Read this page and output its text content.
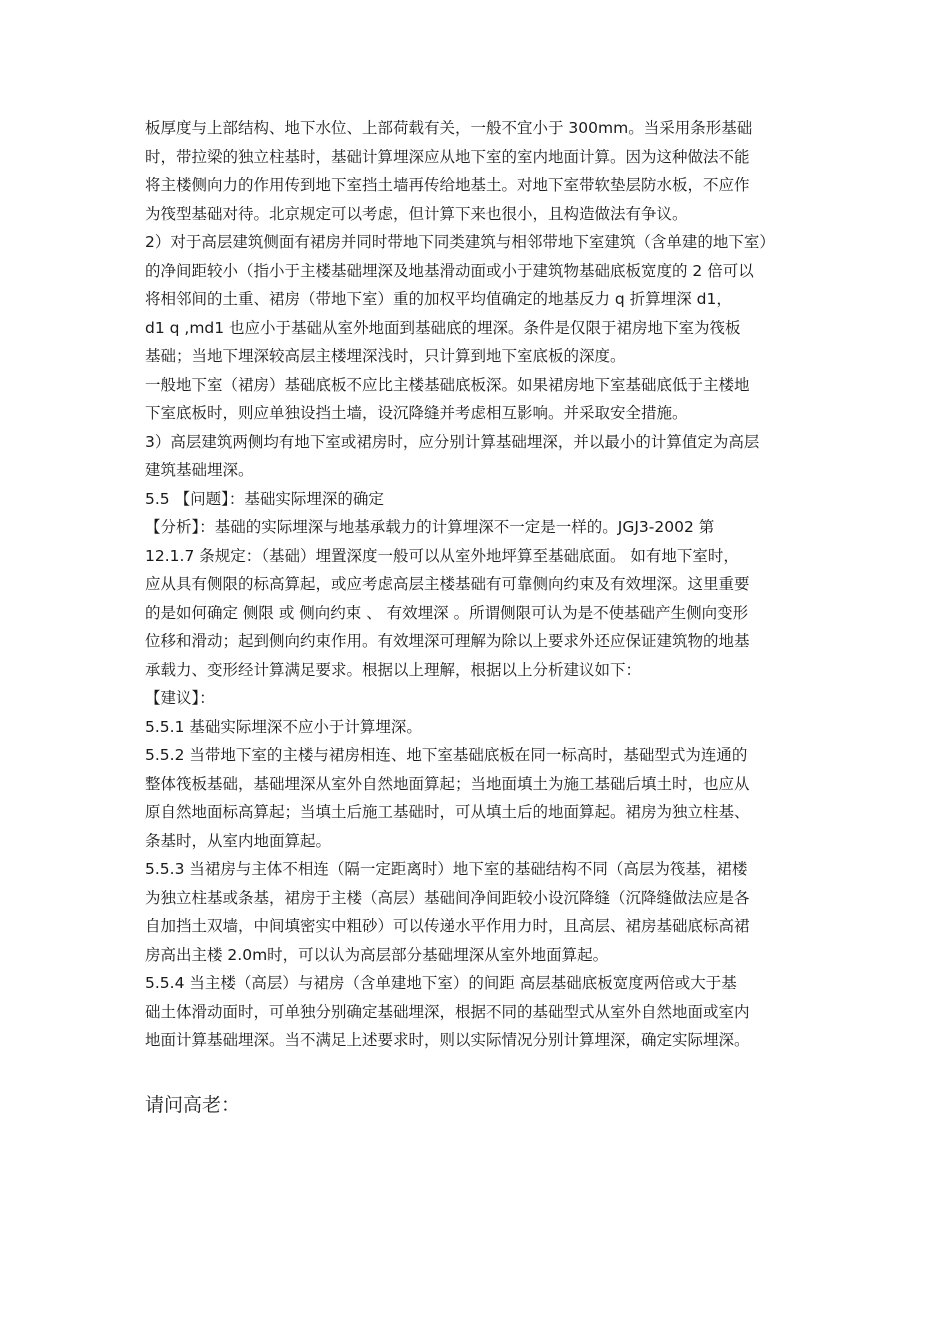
板厚度与上部结构、地下水位、上部荷载有关，一般不宜小于 300mm。当采用条形基础
时，带拉梁的独立柱基时，基础计算埋深应从地下室的室内地面计算。因为这种做法不能
将主楼侧向力的作用传到地下室挡土墙再传给地基土。对地下室带软垫层防水板，不应作
为筏型基础对待。北京规定可以考虑，但计算下来也很小，且构造做法有争议。
2）对于高层建筑侧面有裙房并同时带地下同类建筑与相邻带地下室建筑（含单建的地下室）
的净间距较小（指小于主楼基础埋深及地基滑动面或小于建筑物基础底板宽度的 2 倍可以
将相邻间的土重、裙房（带地下室）重的加权平均值确定的地基反力 q 折算埋深 d1，
d1 q ,md1 也应小于基础从室外地面到基础底的埋深。条件是仅限于裙房地下室为筏板
基础；当地下埋深较高层主楼埋深浅时，只计算到地下室底板的深度。
一般地下室（裙房）基础底板不应比主楼基础底板深。如果裙房地下室基础底低于主楼地
下室底板时，则应单独设挡土墙，设沉降缝并考虑相互影响。并采取安全措施。
3）高层建筑两侧均有地下室或裙房时，应分别计算基础埋深，并以最小的计算值定为高层
建筑基础埋深。
5.5 【问题】：基础实际埋深的确定
【分析】：基础的实际埋深与地基承载力的计算埋深不一定是一样的。JGJ3-2002 第
12.1.7 条规定：（基础）埋置深度一般可以从室外地坪算至基础底面。 如有地下室时，
应从具有侧限的标高算起，或应考虑高层主楼基础有可靠侧向约束及有效埋深。这里重要
的是如何确定 侧限 或 侧向约束 、 有效埋深 。所谓侧限可认为是不使基础产生侧向变形
位移和滑动；起到侧向约束作用。有效埋深可理解为除以上要求外还应保证建筑物的地基
承载力、变形经计算满足要求。根据以上理解，根据以上分析建议如下：
【建议】：
5.5.1 基础实际埋深不应小于计算埋深。
5.5.2 当带地下室的主楼与裙房相连、地下室基础底板在同一标高时，基础型式为连通的
整体筏板基础，基础埋深从室外自然地面算起；当地面填土为施工基础后填土时，也应从
原自然地面标高算起；当填土后施工基础时，可从填土后的地面算起。裙房为独立柱基、
条基时，从室内地面算起。
5.5.3 当裙房与主体不相连（隔一定距离时）地下室的基础结构不同（高层为筏基，裙楼
为独立柱基或条基，裙房于主楼（高层）基础间净间距较小设沉降缝（沉降缝做法应是各
自加挡土双墙，中间填密实中粗砂）可以传递水平作用力时，且高层、裙房基础底标高裙
房高出主楼 2.0m时，可以认为高层部分基础埋深从室外地面算起。
5.5.4 当主楼（高层）与裙房（含单建地下室）的间距 高层基础底板宽度两倍或大于基
础土体滑动面时，可单独分别确定基础埋深，根据不同的基础型式从室外自然地面或室内
地面计算基础埋深。当不满足上述要求时，则以实际情况分别计算埋深，确定实际埋深。
请问高老：
